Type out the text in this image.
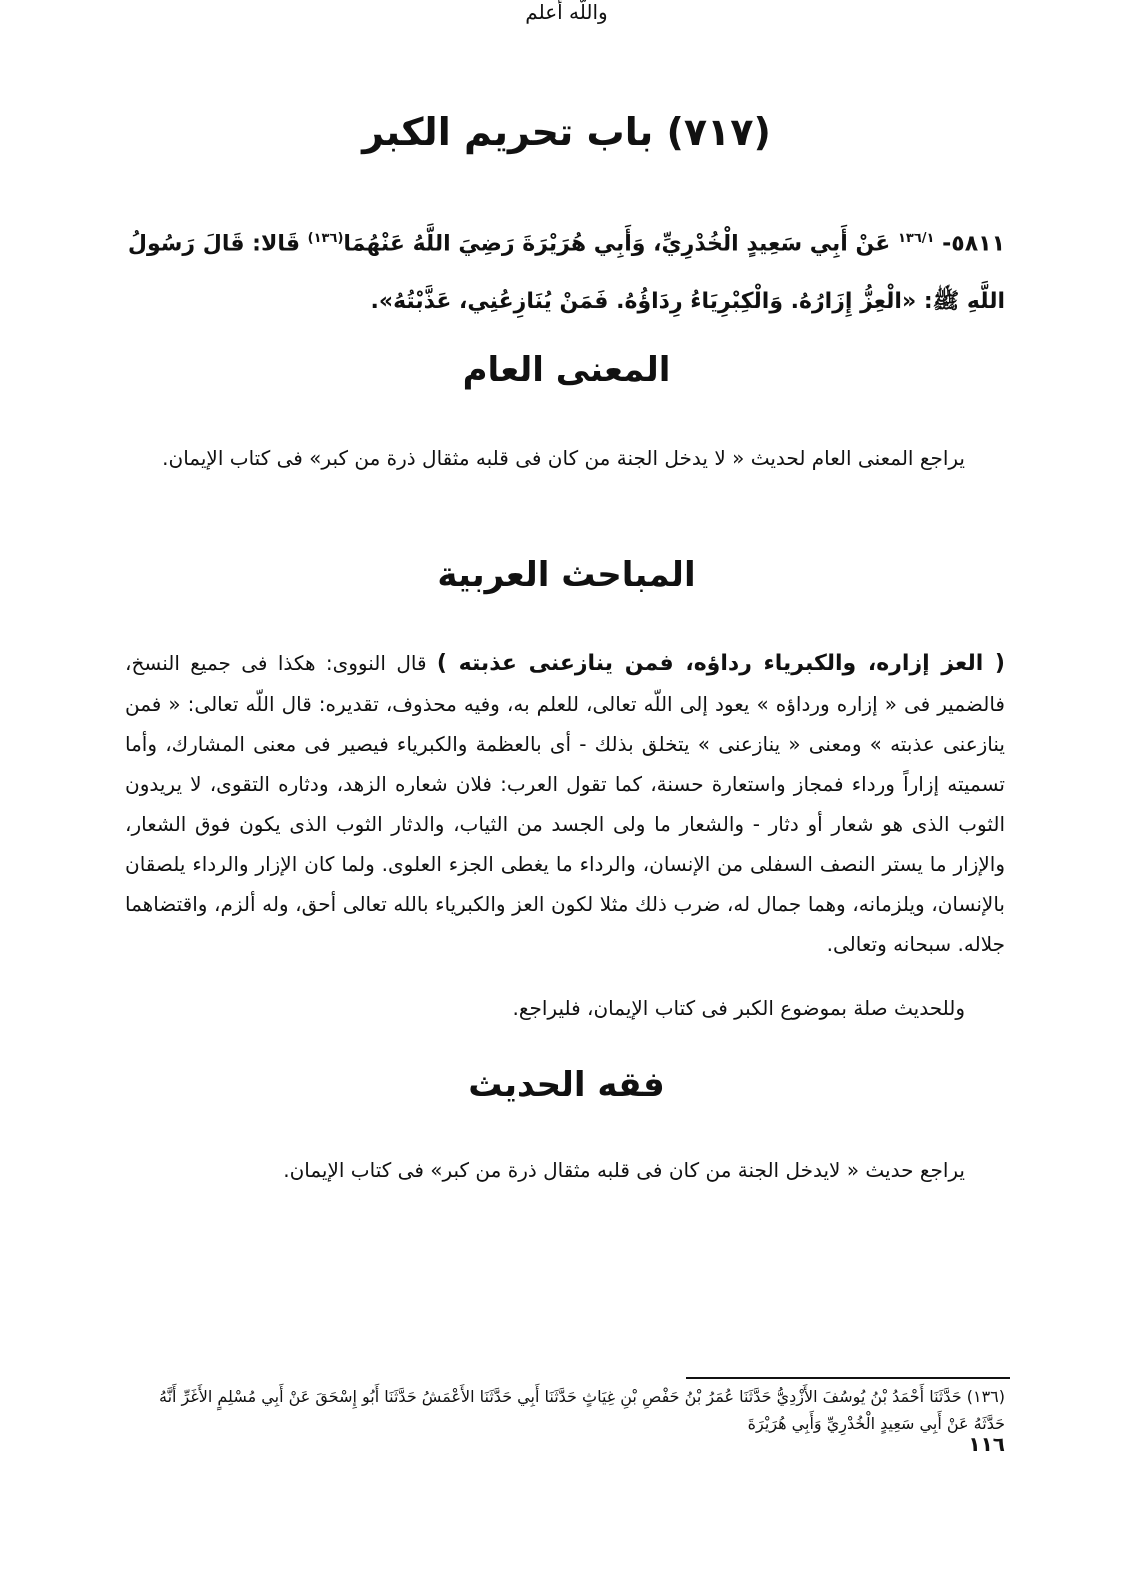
(٧١٧) باب تحريم الكبر
٥٨١١- $^{١٣٦/١}$ عَنْ أَبِي سَعِيدٍ الْخُدْرِيِّ، وَأَبِي هُرَيْرَةَ رَضِيَ اللَّهُ عَنْهُمَا$^{(١٣٦)}$ قَالا: قَالَ رَسُولُ اللَّهِ ﷺ: «الْعِزُّ إِزَارُهُ. وَالْكِبْرِيَاءُ رِدَاؤُهُ. فَمَنْ يُنَازِعُنِي، عَذَّبْتُهُ».
المعنى العام
يراجع المعنى العام لحديث « لا يدخل الجنة من كان فى قلبه مثقال ذرة من كبر» فى كتاب الإيمان.
المباحث العربية
( العز إزاره، والكبرياء رداؤه، فمن ينازعنى عذبته ) قال النووى: هكذا فى جميع النسخ، فالضمير فى « إزاره ورداؤه » يعود إلى اللّه تعالى، للعلم به، وفيه محذوف، تقديره: قال اللّه تعالى: « فمن ينازعنى عذبته » ومعنى « ينازعنى » يتخلق بذلك - أى بالعظمة والكبرياء فيصير فى معنى المشارك، وأما تسميته إزاراً ورداء فمجاز واستعارة حسنة، كما تقول العرب: فلان شعاره الزهد، ودثاره التقوى، لا يريدون الثوب الذى هو شعار أو دثار - والشعار ما ولى الجسد من الثياب، والدثار الثوب الذى يكون فوق الشعار، والإزار ما يستر النصف السفلى من الإنسان، والرداء ما يغطى الجزء العلوى. ولما كان الإزار والرداء يلصقان بالإنسان، ويلزمانه، وهما جمال له، ضرب ذلك مثلا لكون العز والكبرياء بالله تعالى أحق، وله ألزم، واقتضاهما جلاله. سبحانه وتعالى.
وللحديث صلة بموضوع الكبر فى كتاب الإيمان، فليراجع.
فقه الحديث
يراجع حديث « لايدخل الجنة من كان فى قلبه مثقال ذرة من كبر» فى كتاب الإيمان.
واللّه أعلم
(١٣٦) حَدَّثَنَا أَحْمَدُ بْنُ يُوسُفَ الأَزْدِيُّ حَدَّثَنَا عُمَرُ بْنُ حَفْصِ بْنِ غِيَاثٍ حَدَّثَنَا أَبِي حَدَّثَنَا الأَعْمَشُ حَدَّثَنَا أَبُو إِسْحَقَ عَنْ أَبِي مُسْلِمٍ الأَغَرِّ أَنَّهُ حَدَّثَهُ عَنْ أَبِي سَعِيدٍ الْخُدْرِيِّ وَأَبِي هُرَيْرَةَ
١١٦
